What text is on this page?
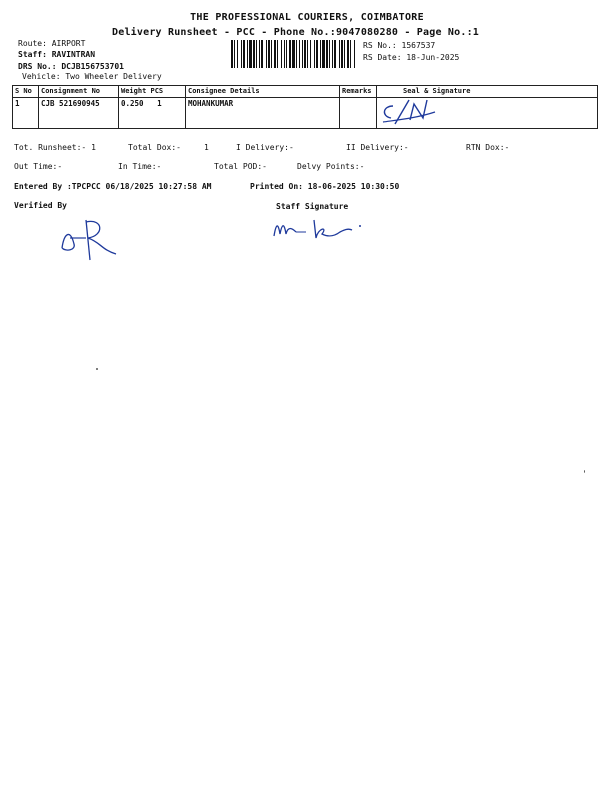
THE PROFESSIONAL COURIERS, COIMBATORE
Delivery Runsheet - PCC - Phone No.:9047080280 - Page No.:1
Route: AIRPORT
Staff: RAVINTRAN
DRS No.: DCJB156753701
Vehicle: Two Wheeler Delivery
RS No.: 1567537
RS Date: 18-Jun-2025
S No	Consignment No	Weight PCS	Consignee Details	Remarks	Seal & Signature
1	CJB 521690945	0.250   1	MOHANKUMAR		
Tot. Runsheet:- 1	Total Dox:-	1	I Delivery:-	II Delivery:-	RTN Dox:-
Out Time:-	In Time:-	Total POD:-	Delvy Points:-
Entered By :TPCPCC 06/18/2025 10:27:58 AM	Printed On: 18-06-2025 10:30:50
Verified By	Staff Signature
